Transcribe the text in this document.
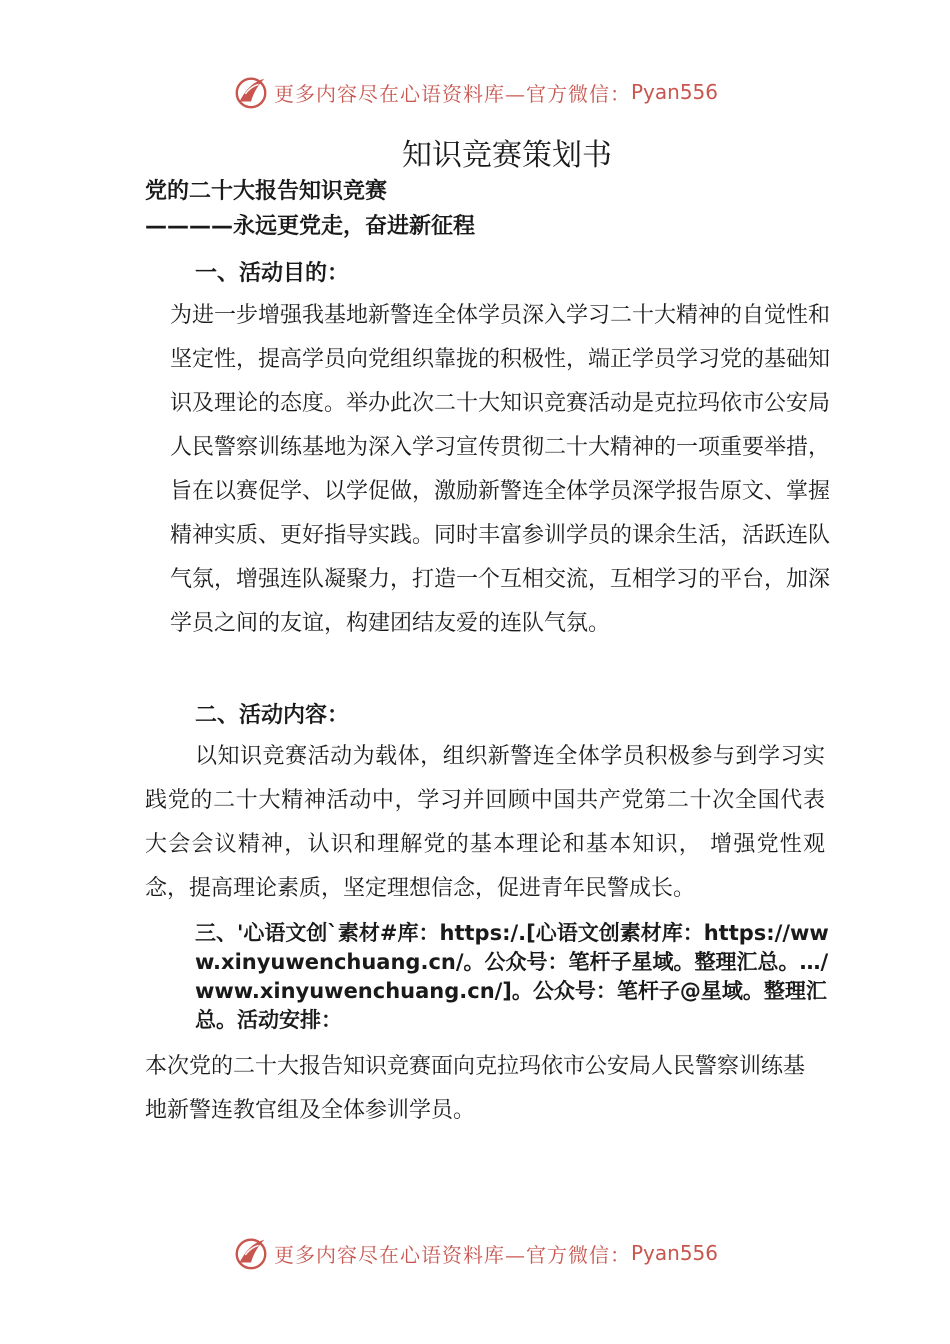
更多内容尽在心语资料库—官方微信： Pyan556
知识竞赛策划书
党的二十大报告知识竞赛
————永远更党走，奋进新征程
一、活动目的：

为进一步增强我基地新警连全体学员深入学习二十大精神的自觉性和坚定性，提高学员向党组织靠拢的积极性，端正学员学习党的基础知识及理论的态度。举办此次二十大知识竞赛活动是克拉玛依市公安局人民警察训练基地为深入学习宣传贯彻二十大精神的一项重要举措，旨在以赛促学、以学促做，激励新警连全体学员深学报告原文、掌握精神实质、更好指导实践。同时丰富参训学员的课余生活，活跃连队气氛，增强连队凝聚力，打造一个互相交流，互相学习的平台，加深学员之间的友谊，构建团结友爱的连队气氛。

二、活动内容：

以知识竞赛活动为载体，组织新警连全体学员积极参与到学习实践党的二十大精神活动中，学习并回顾中国共产党第二十次全国代表大会会议精神，认识和理解党的基本理论和基本知识， 增强党性观念，提高理论素质，坚定理想信念，促进青年民警成长。

三、'心语文创`素材#库：https:/.[心语文创素材库：https://www.xinyuwenchuang.cn/。公众号：笔杆子星域。整理汇总。…/www.xinyuwenchuang.cn/]。公众号：笔杆子@星域。整理汇总。活动安排：

本次党的二十大报告知识竞赛面向克拉玛依市公安局人民警察训练基地新警连教官组及全体参训学员。

更多内容尽在心语资料库—官方微信： Pyan556
